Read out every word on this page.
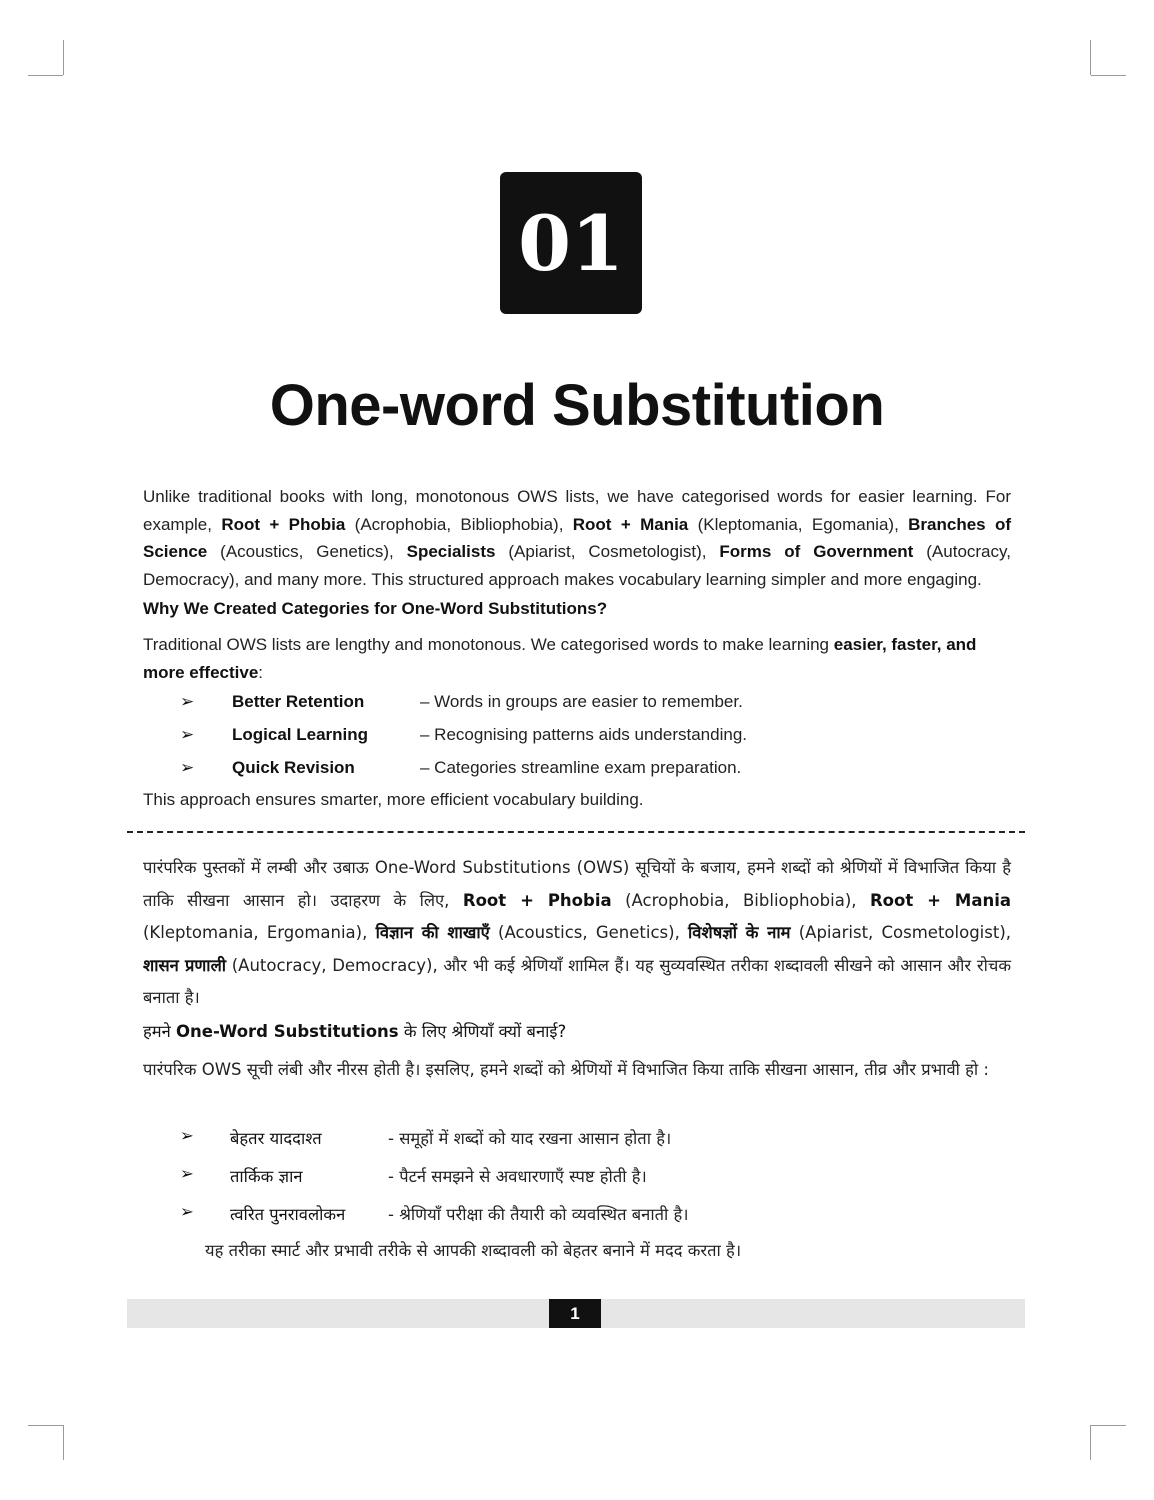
01
One-word Substitution
Unlike traditional books with long, monotonous OWS lists, we have categorised words for easier learning. For example, Root + Phobia (Acrophobia, Bibliophobia), Root + Mania (Kleptomania, Egomania), Branches of Science (Acoustics, Genetics), Specialists (Apiarist, Cosmetologist), Forms of Government (Autocracy, Democracy), and many more. This structured approach makes vocabulary learning simpler and more engaging.
Why We Created Categories for One-Word Substitutions?
Traditional OWS lists are lengthy and monotonous. We categorised words to make learning easier, faster, and more effective:
➢ Better Retention	– Words in groups are easier to remember.
➢ Logical Learning	– Recognising patterns aids understanding.
➢ Quick Revision	– Categories streamline exam preparation.
This approach ensures smarter, more efficient vocabulary building.
पारंपरिक पुस्तकों में लम्बी और उबाऊ One-Word Substitutions (OWS) सूचियों के बजाय, हमने शब्दों को श्रेणियों में विभाजित किया है ताकि सीखना आसान हो। उदाहरण के लिए, Root + Phobia (Acrophobia, Bibliophobia), Root + Mania (Kleptomania, Ergomania), विज्ञान की शाखाएँ (Acoustics, Genetics), विशेषज्ञों के नाम (Apiarist, Cosmetologist), शासन प्रणाली (Autocracy, Democracy), और भी कई श्रेणियाँ शामिल हैं। यह सुव्यवस्थित तरीका शब्दावली सीखने को आसान और रोचक बनाता है।
हमने One-Word Substitutions के लिए श्रेणियाँ क्यों बनाई?
पारंपरिक OWS सूची लंबी और नीरस होती है। इसलिए, हमने शब्दों को श्रेणियों में विभाजित किया ताकि सीखना आसान, तीव्र और प्रभावी हो :
➢ बेहतर याददाश्त	- समूहों में शब्दों को याद रखना आसान होता है।
➢ तार्किक ज्ञान	- पैटर्न समझने से अवधारणाएँ स्पष्ट होती है।
➢ त्वरित पुनरावलोकन	- श्रेणियाँ परीक्षा की तैयारी को व्यवस्थित बनाती है।
यह तरीका स्मार्ट और प्रभावी तरीके से आपकी शब्दावली को बेहतर बनाने में मदद करता है।
1
